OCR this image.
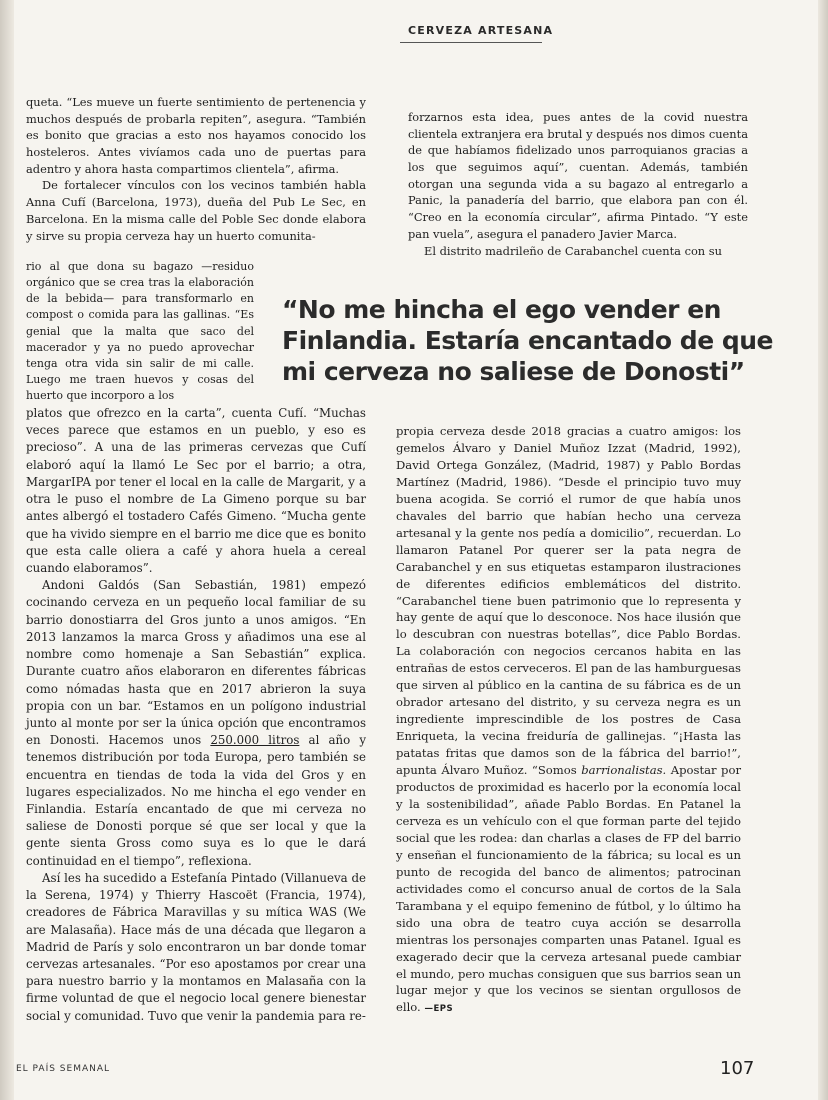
CERVEZA ARTESANA

queta. “Les mueve un fuerte sentimiento de pertenencia y muchos después de probarla repiten”, asegura. “También es bonito que gracias a esto nos hayamos conocido los hosteleros. Antes vivíamos cada uno de puertas para adentro y ahora hasta compartimos clientela”, afirma.

De fortalecer vínculos con los vecinos también habla Anna Cufí (Barcelona, 1973), dueña del Pub Le Sec, en Barcelona. En la misma calle del Poble Sec donde elabora y sirve su propia cerveza hay un huerto comunita-

rio al que dona su bagazo —residuo orgánico que se crea tras la elaboración de la bebida— para transformarlo en compost o comida para las gallinas. “Es genial que la malta que saco del macerador y ya no puedo aprovechar tenga otra vida sin salir de mi calle. Luego me traen huevos y cosas del huerto que incorporo a los

“No me hincha el ego vender en
Finlandia. Estaría encantado de que
mi cerveza no saliese de Donosti”

platos que ofrezco en la carta”, cuenta Cufí. “Muchas veces parece que estamos en un pueblo, y eso es precioso”. A una de las primeras cervezas que Cufí elaboró aquí la llamó Le Sec por el barrio; a otra, MargarIPA por tener el local en la calle de Margarit, y a otra le puso el nombre de La Gimeno porque su bar antes albergó el tostadero Cafés Gimeno. “Mucha gente que ha vivido siempre en el barrio me dice que es bonito que esta calle oliera a café y ahora huela a cereal cuando elaboramos”.

Andoni Galdós (San Sebastián, 1981) empezó cocinando cerveza en un pequeño local familiar de su barrio donostiarra del Gros junto a unos amigos. “En 2013 lanzamos la marca Gross y añadimos una ese al nombre como homenaje a San Sebastián” explica. Durante cuatro años elaboraron en diferentes fábricas como nómadas hasta que en 2017 abrieron la suya propia con un bar. “Estamos en un polígono industrial junto al monte por ser la única opción que encontramos en Donosti. Hacemos unos 250.000 litros al año y tenemos distribución por toda Europa, pero también se encuentra en tiendas de toda la vida del Gros y en lugares especializados. No me hincha el ego vender en Finlandia. Estaría encantado de que mi cerveza no saliese de Donosti porque sé que ser local y que la gente sienta Gross como suya es lo que le dará continuidad en el tiempo”, reflexiona.

Así les ha sucedido a Estefanía Pintado (Villanueva de la Serena, 1974) y Thierry Hascoët (Francia, 1974), creadores de Fábrica Maravillas y su mítica WAS (We are Malasaña). Hace más de una década que llegaron a Madrid de París y solo encontraron un bar donde tomar cervezas artesanales. “Por eso apostamos por crear una para nuestro barrio y la montamos en Malasaña con la firme voluntad de que el negocio local genere bienestar social y comunidad. Tuvo que venir la pandemia para re-

forzarnos esta idea, pues antes de la covid nuestra clientela extranjera era brutal y después nos dimos cuenta de que habíamos fidelizado unos parroquianos gracias a los que seguimos aquí”, cuentan. Además, también otorgan una segunda vida a su bagazo al entregarlo a Panic, la panadería del barrio, que elabora pan con él. “Creo en la economía circular”, afirma Pintado. “Y este pan vuela”, asegura el panadero Javier Marca.

El distrito madrileño de Carabanchel cuenta con su

propia cerveza desde 2018 gracias a cuatro amigos: los gemelos Álvaro y Daniel Muñoz Izzat (Madrid, 1992), David Ortega González, (Madrid, 1987) y Pablo Bordas Martínez (Madrid, 1986). “Desde el principio tuvo muy buena acogida. Se corrió el rumor de que había unos chavales del barrio que habían hecho una cerveza artesanal y la gente nos pedía a domicilio”, recuerdan. Lo llamaron Patanel Por querer ser la pata negra de Carabanchel y en sus etiquetas estamparon ilustraciones de diferentes edificios emblemáticos del distrito. “Carabanchel tiene buen patrimonio que lo representa y hay gente de aquí que lo desconoce. Nos hace ilusión que lo descubran con nuestras botellas”, dice Pablo Bordas. La colaboración con negocios cercanos habita en las entrañas de estos cerveceros. El pan de las hamburguesas que sirven al público en la cantina de su fábrica es de un obrador artesano del distrito, y su cerveza negra es un ingrediente imprescindible de los postres de Casa Enriqueta, la vecina freiduría de gallinejas. “¡Hasta las patatas fritas que damos son de la fábrica del barrio!”, apunta Álvaro Muñoz. “Somos barrionalistas. Apostar por productos de proximidad es hacerlo por la economía local y la sostenibilidad”, añade Pablo Bordas. En Patanel la cerveza es un vehículo con el que forman parte del tejido social que les rodea: dan charlas a clases de FP del barrio y enseñan el funcionamiento de la fábrica; su local es un punto de recogida del banco de alimentos; patrocinan actividades como el concurso anual de cortos de la Sala Tarambana y el equipo femenino de fútbol, y lo último ha sido una obra de teatro cuya acción se desarrolla mientras los personajes comparten unas Patanel. Igual es exagerado decir que la cerveza artesanal puede cambiar el mundo, pero muchas consiguen que sus barrios sean un lugar mejor y que los vecinos se sientan orgullosos de ello. —EPS

EL PAÍS SEMANAL	107
